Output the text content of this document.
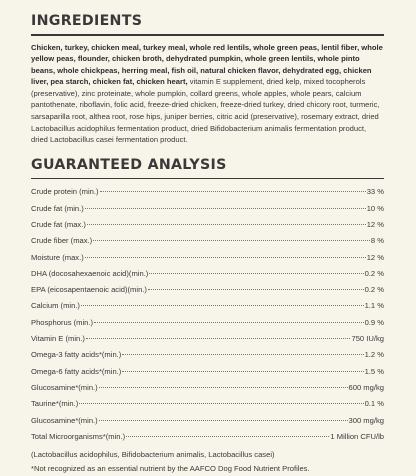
INGREDIENTS

Chicken, turkey, chicken meal, turkey meal, whole red lentils, whole green peas, lentil fiber, whole yellow peas, flounder, chicken broth, dehydrated pumpkin, whole green lentils, whole pinto beans, whole chickpeas, herring meal, fish oil, natural chicken flavor, dehydrated egg, chicken liver, pea starch, chicken fat, chicken heart, vitamin E supplement, dried kelp, mixed tocopherols (preservative), zinc proteinate, whole pumpkin, collard greens, whole apples, whole pears, calcium pantothenate, riboflavin, folic acid, freeze-dried chicken, freeze-dried turkey, dried chicory root, turmeric, sarsaparilla root, althea root, rose hips, juniper berries, citric acid (preservative), rosemary extract, dried Lactobacillus acidophilus fermentation product, dried Bifidobacterium animalis fermentation product, dried Lactobacillus casei fermentation product.

GUARANTEED ANALYSIS
Crude protein (min.)	33 %
Crude fat (min.)	10 %
Crude fat (max.)	12 %
Crude fiber (max.)	8 %
Moisture (max.)	12 %
DHA (docosahexaenoic acid)(min.)	0.2 %
EPA (eicosapentaenoic acid)(min.)	0.2 %
Calcium (min.)	1.1 %
Phosphorus (min.)	0.9 %
Vitamin E (min.)	750 IU/kg
Omega-3 fatty acids*(min.)	1.2 %
Omega-6 fatty acids*(min.)	1.5 %
Glucosamine*(min.)	600 mg/kg
Taurine*(min.)	0.1 %
Glucosamine*(min.)	300 mg/kg
Total Microorganisms*(min.)	1 Million CFU/lb
(Lactobacillus acidophilus, Bifidobacterium animalis, Lactobacillus casei)
*Not recognized as an essential nutrient by the AAFCO Dog Food Nutrient Profiles.
